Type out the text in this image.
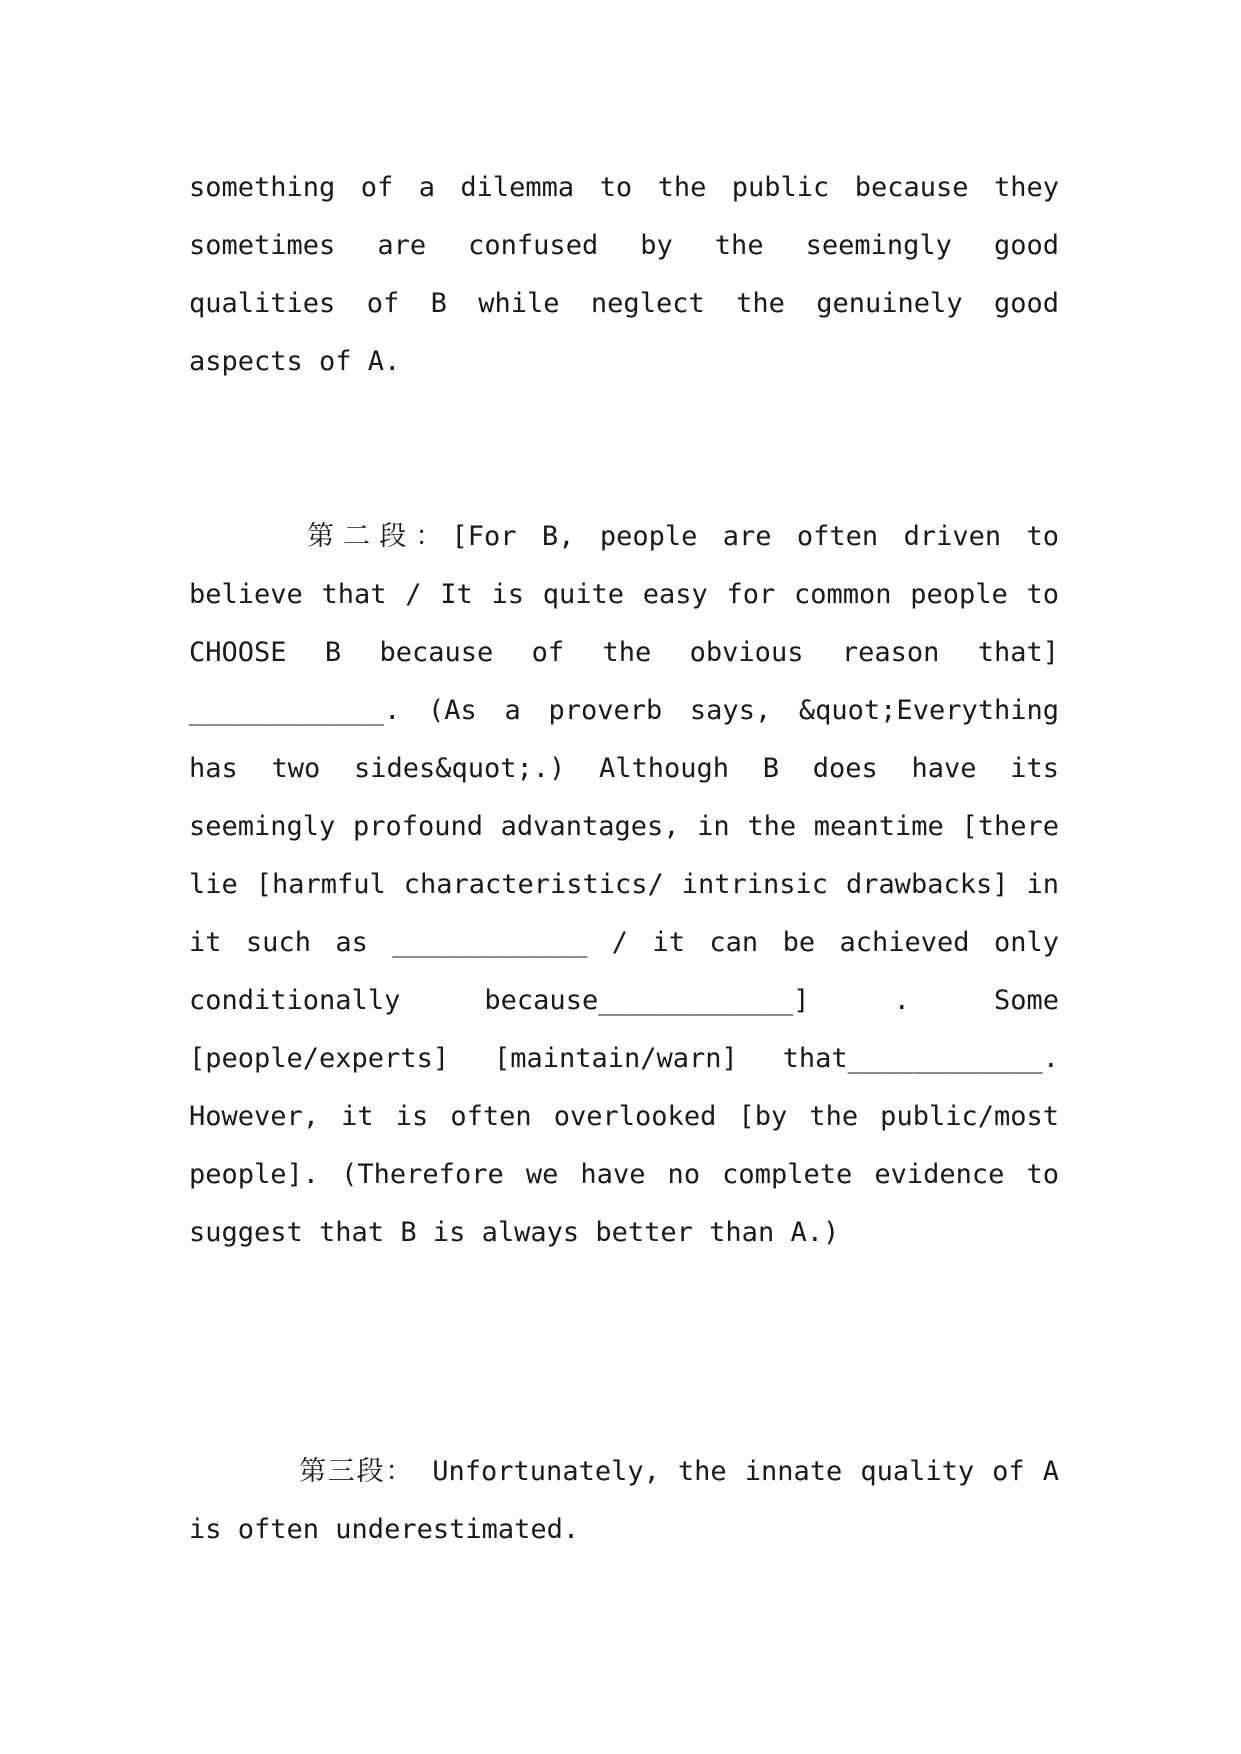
something of a dilemma to the public because they sometimes are confused by the seemingly good qualities of B while neglect the genuinely good aspects of A.

第二段：[For B, people are often driven to believe that / It is quite easy for common people to CHOOSE B because of the obvious reason that] ____________. (As a proverb says, &quot;Everything has two sides&quot;.) Although B does have its seemingly profound advantages, in the meantime [there lie [harmful characteristics/ intrinsic drawbacks] in it such as ____________ / it can be achieved only conditionally because____________] . Some [people/experts] [maintain/warn] that____________. However, it is often overlooked [by the public/most people]. (Therefore we have no complete evidence to suggest that B is always better than A.)

第三段： Unfortunately, the innate quality of A is often underestimated.
